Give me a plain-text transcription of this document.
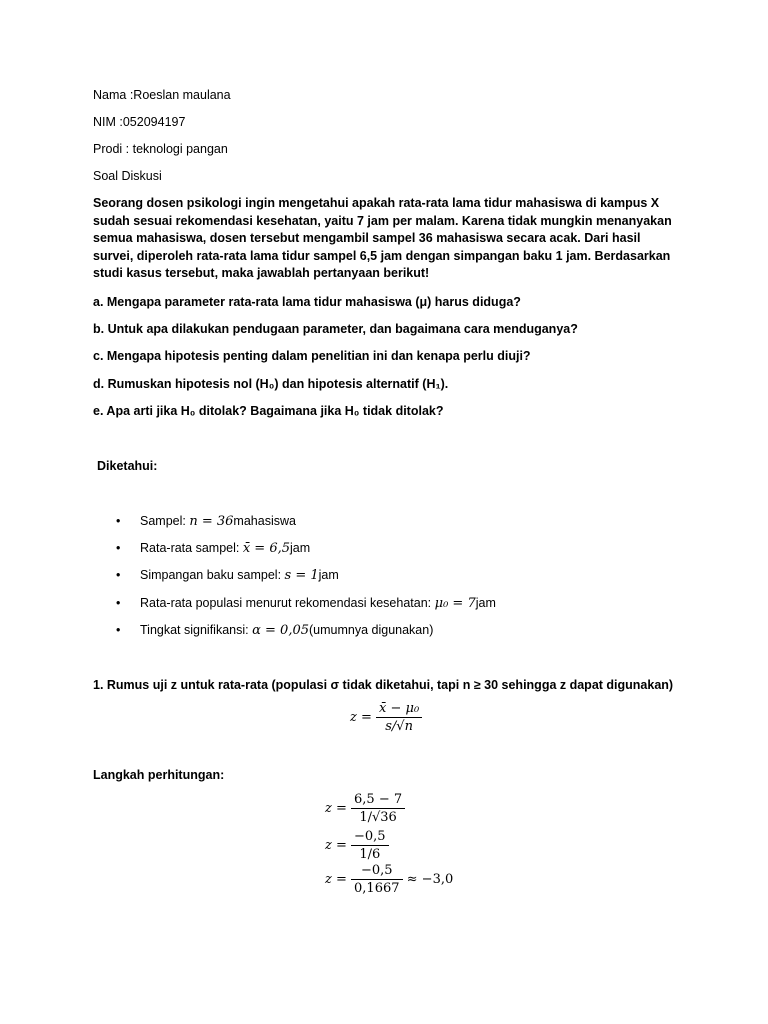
Nama :Roeslan maulana
NIM :052094197
Prodi : teknologi pangan
Soal Diskusi
Seorang dosen psikologi ingin mengetahui apakah rata-rata lama tidur mahasiswa di kampus X sudah sesuai rekomendasi kesehatan, yaitu 7 jam per malam. Karena tidak mungkin menanyakan semua mahasiswa, dosen tersebut mengambil sampel 36 mahasiswa secara acak. Dari hasil survei, diperoleh rata-rata lama tidur sampel 6,5 jam dengan simpangan baku 1 jam. Berdasarkan studi kasus tersebut, maka jawablah pertanyaan berikut!
a. Mengapa parameter rata-rata lama tidur mahasiswa (μ) harus diduga?
b. Untuk apa dilakukan pendugaan parameter, dan bagaimana cara menduganya?
c. Mengapa hipotesis penting dalam penelitian ini dan kenapa perlu diuji?
d. Rumuskan hipotesis nol (H₀) dan hipotesis alternatif (H₁).
e. Apa arti jika H₀ ditolak? Bagaimana jika H₀ tidak ditolak?
Diketahui:
• Sampel: n = 36mahasiswa
• Rata-rata sampel: x̄ = 6,5jam
• Simpangan baku sampel: s = 1jam
• Rata-rata populasi menurut rekomendasi kesehatan: μ₀ = 7jam
• Tingkat signifikansi: α = 0,05(umumnya digunakan)
1. Rumus uji z untuk rata-rata (populasi σ tidak diketahui, tapi n ≥ 30 sehingga z dapat digunakan)
$z = \frac{\text{x̄ − μ₀}}{s/√n}$
Langkah perhitungan:
$z = \frac{6,5 - 7}{1/√36}$
$z = \frac{-0,5}{1/6}$
$z = \frac{-0,5}{0,1667} \approx -3,0$
